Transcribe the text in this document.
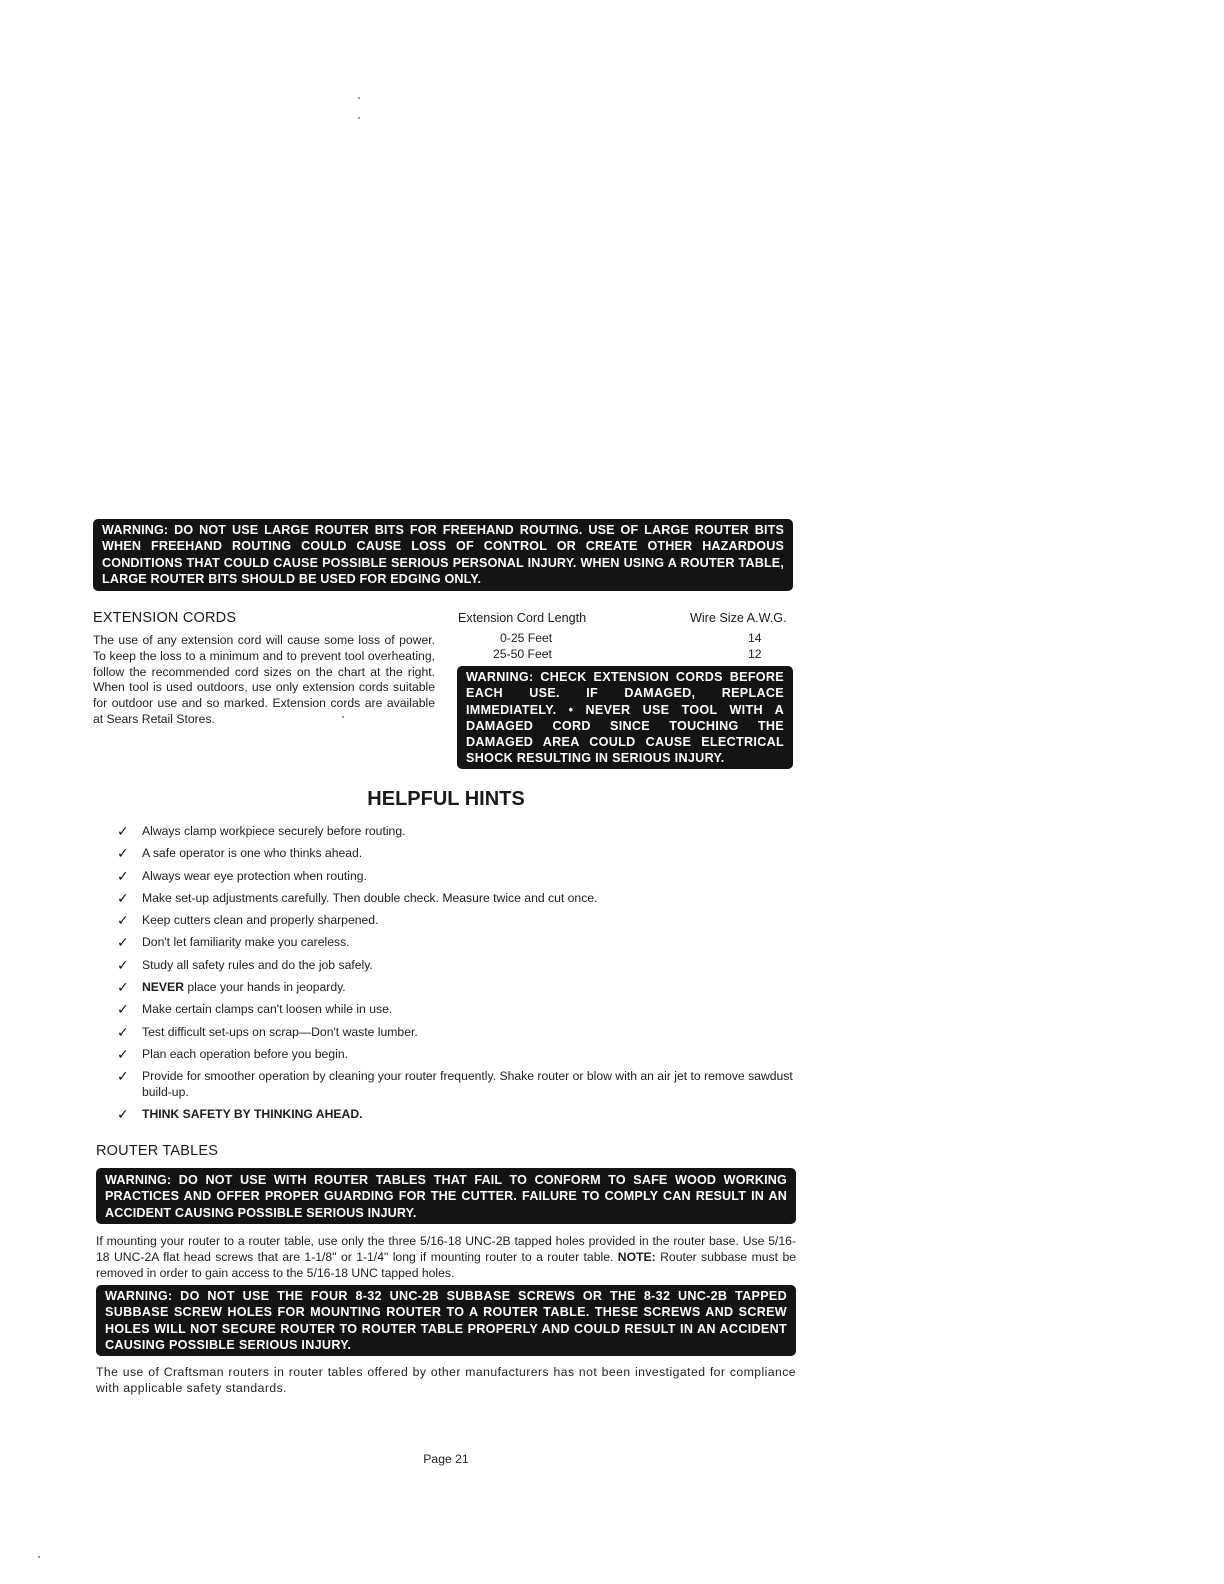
WARNING: DO NOT USE LARGE ROUTER BITS FOR FREEHAND ROUTING. USE OF LARGE ROUTER BITS WHEN FREEHAND ROUTING COULD CAUSE LOSS OF CONTROL OR CREATE OTHER HAZARDOUS CONDITIONS THAT COULD CAUSE POSSIBLE SERIOUS PERSONAL INJURY. WHEN USING A ROUTER TABLE, LARGE ROUTER BITS SHOULD BE USED FOR EDGING ONLY.
EXTENSION CORDS
The use of any extension cord will cause some loss of power. To keep the loss to a minimum and to prevent tool overheating, follow the recommended cord sizes on the chart at the right. When tool is used outdoors, use only extension cords suitable for outdoor use and so marked. Extension cords are available at Sears Retail Stores.
Extension Cord Length	Wire Size A.W.G.
0-25 Feet	14
25-50 Feet	12
WARNING: CHECK EXTENSION CORDS BEFORE EACH USE. IF DAMAGED, REPLACE IMMEDIATELY. • NEVER USE TOOL WITH A DAMAGED CORD SINCE TOUCHING THE DAMAGED AREA COULD CAUSE ELECTRICAL SHOCK RESULTING IN SERIOUS INJURY.
HELPFUL HINTS
✓ Always clamp workpiece securely before routing.
✓ A safe operator is one who thinks ahead.
✓ Always wear eye protection when routing.
✓ Make set-up adjustments carefully. Then double check. Measure twice and cut once.
✓ Keep cutters clean and properly sharpened.
✓ Don't let familiarity make you careless.
✓ Study all safety rules and do the job safely.
✓ NEVER place your hands in jeopardy.
✓ Make certain clamps can't loosen while in use.
✓ Test difficult set-ups on scrap—Don't waste lumber.
✓ Plan each operation before you begin.
✓ Provide for smoother operation by cleaning your router frequently. Shake router or blow with an air jet to remove sawdust build-up.
✓ THINK SAFETY BY THINKING AHEAD.
ROUTER TABLES
WARNING: DO NOT USE WITH ROUTER TABLES THAT FAIL TO CONFORM TO SAFE WOOD WORKING PRACTICES AND OFFER PROPER GUARDING FOR THE CUTTER. FAILURE TO COMPLY CAN RESULT IN AN ACCIDENT CAUSING POSSIBLE SERIOUS INJURY.
If mounting your router to a router table, use only the three 5/16-18 UNC-2B tapped holes provided in the router base. Use 5/16-18 UNC-2A flat head screws that are 1-1/8" or 1-1/4" long if mounting router to a router table. NOTE: Router subbase must be removed in order to gain access to the 5/16-18 UNC tapped holes.
WARNING: DO NOT USE THE FOUR 8-32 UNC-2B SUBBASE SCREWS OR THE 8-32 UNC-2B TAPPED SUBBASE SCREW HOLES FOR MOUNTING ROUTER TO A ROUTER TABLE. THESE SCREWS AND SCREW HOLES WILL NOT SECURE ROUTER TO ROUTER TABLE PROPERLY AND COULD RESULT IN AN ACCIDENT CAUSING POSSIBLE SERIOUS INJURY.
The use of Craftsman routers in router tables offered by other manufacturers has not been investigated for compliance with applicable safety standards.
Page 21
